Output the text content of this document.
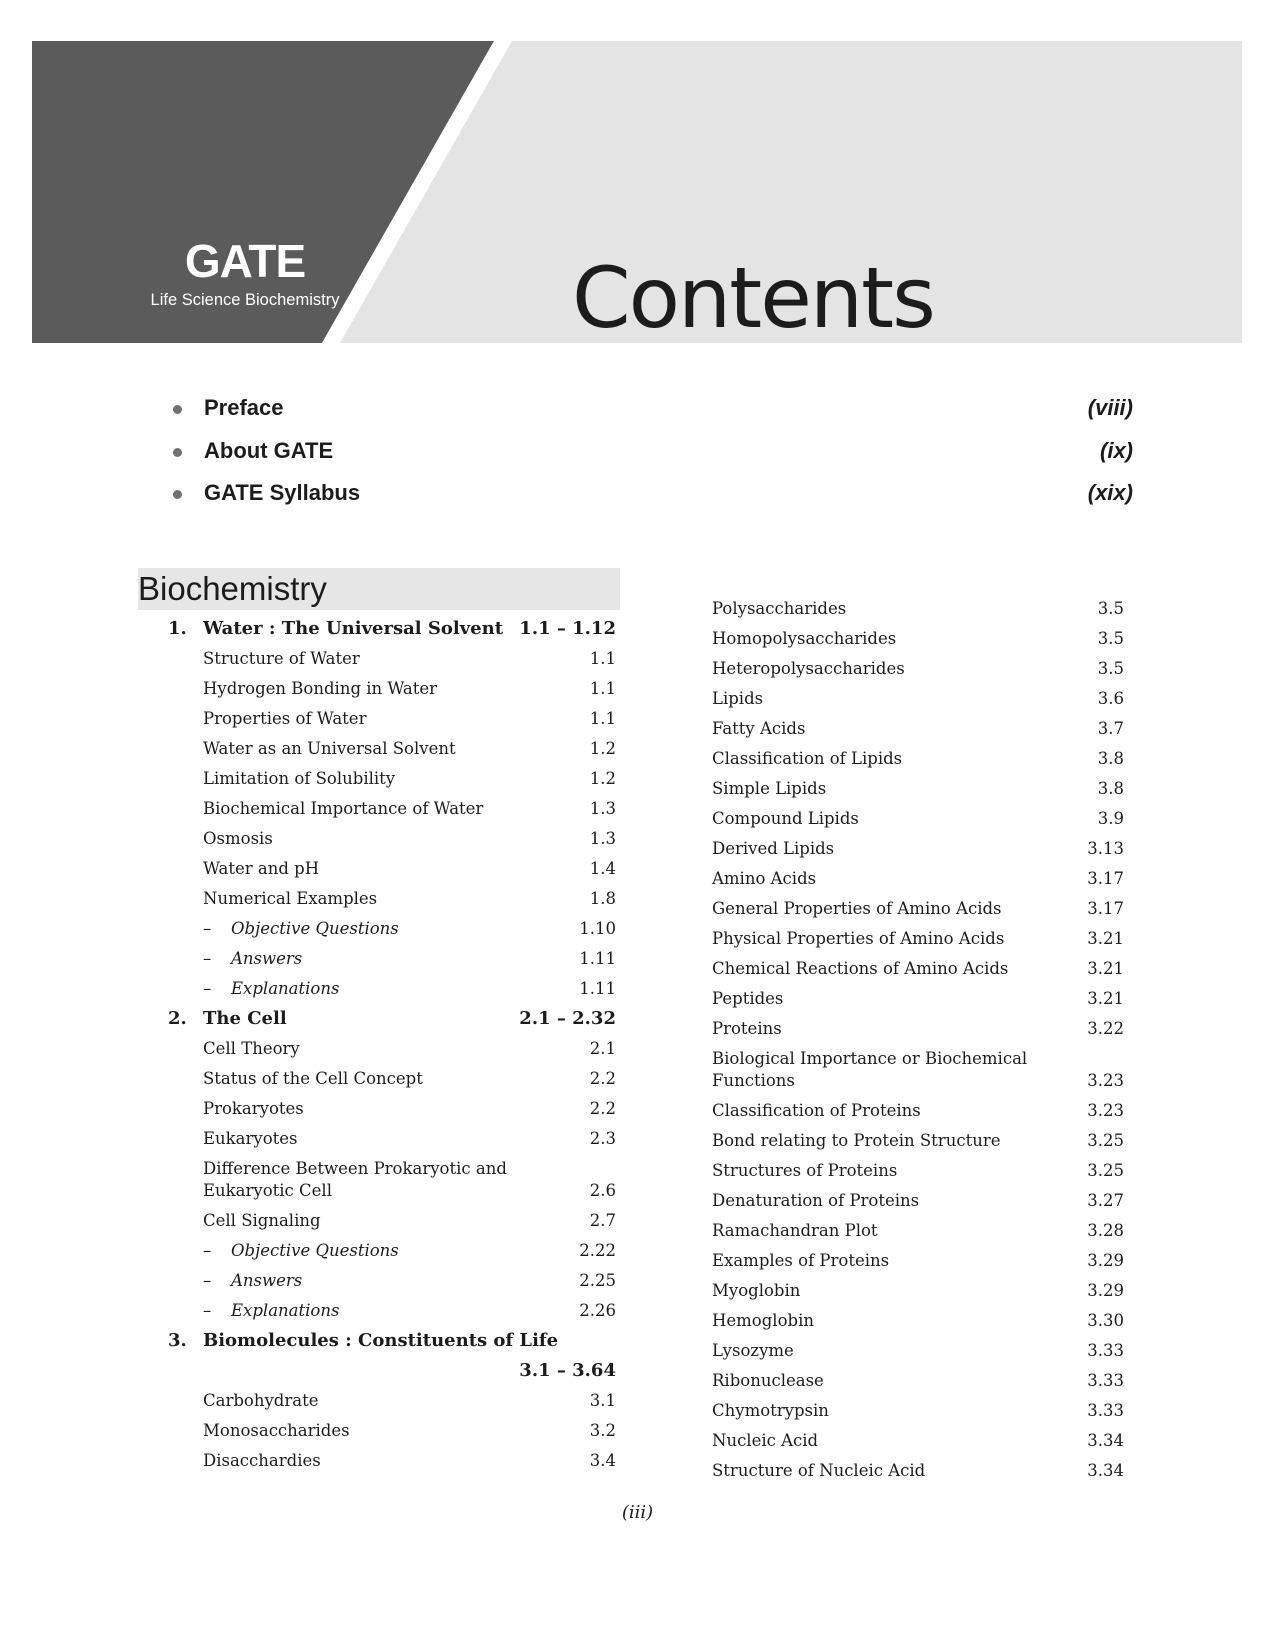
GATE
Life Science Biochemistry	Contents
Preface	(viii)
About GATE	(ix)
GATE Syllabus	(xix)
Biochemistry
1. Water : The Universal Solvent 1.1 – 1.12
Structure of Water	1.1
Hydrogen Bonding in Water	1.1
Properties of Water	1.1
Water as an Universal Solvent	1.2
Limitation of Solubility	1.2
Biochemical Importance of Water	1.3
Osmosis	1.3
Water and pH	1.4
Numerical Examples	1.8
– Objective Questions	1.10
– Answers	1.11
– Explanations	1.11
2. The Cell	2.1 – 2.32
Cell Theory	2.1
Status of the Cell Concept	2.2
Prokaryotes	2.2
Eukaryotes	2.3
Difference Between Prokaryotic and Eukaryotic Cell	2.6
Cell Signaling	2.7
– Objective Questions	2.22
– Answers	2.25
– Explanations	2.26
3. Biomolecules : Constituents of Life
3.1 – 3.64
Carbohydrate	3.1
Monosaccharides	3.2
Disacchardies	3.4
Polysaccharides	3.5
Homopolysaccharides	3.5
Heteropolysaccharides	3.5
Lipids	3.6
Fatty Acids	3.7
Classification of Lipids	3.8
Simple Lipids	3.8
Compound Lipids	3.9
Derived Lipids	3.13
Amino Acids	3.17
General Properties of Amino Acids	3.17
Physical Properties of Amino Acids	3.21
Chemical Reactions of Amino Acids	3.21
Peptides	3.21
Proteins	3.22
Biological Importance or Biochemical Functions	3.23
Classification of Proteins	3.23
Bond relating to Protein Structure	3.25
Structures of Proteins	3.25
Denaturation of Proteins	3.27
Ramachandran Plot	3.28
Examples of Proteins	3.29
Myoglobin	3.29
Hemoglobin	3.30
Lysozyme	3.33
Ribonuclease	3.33
Chymotrypsin	3.33
Nucleic Acid	3.34
Structure of Nucleic Acid	3.34
(iii)
